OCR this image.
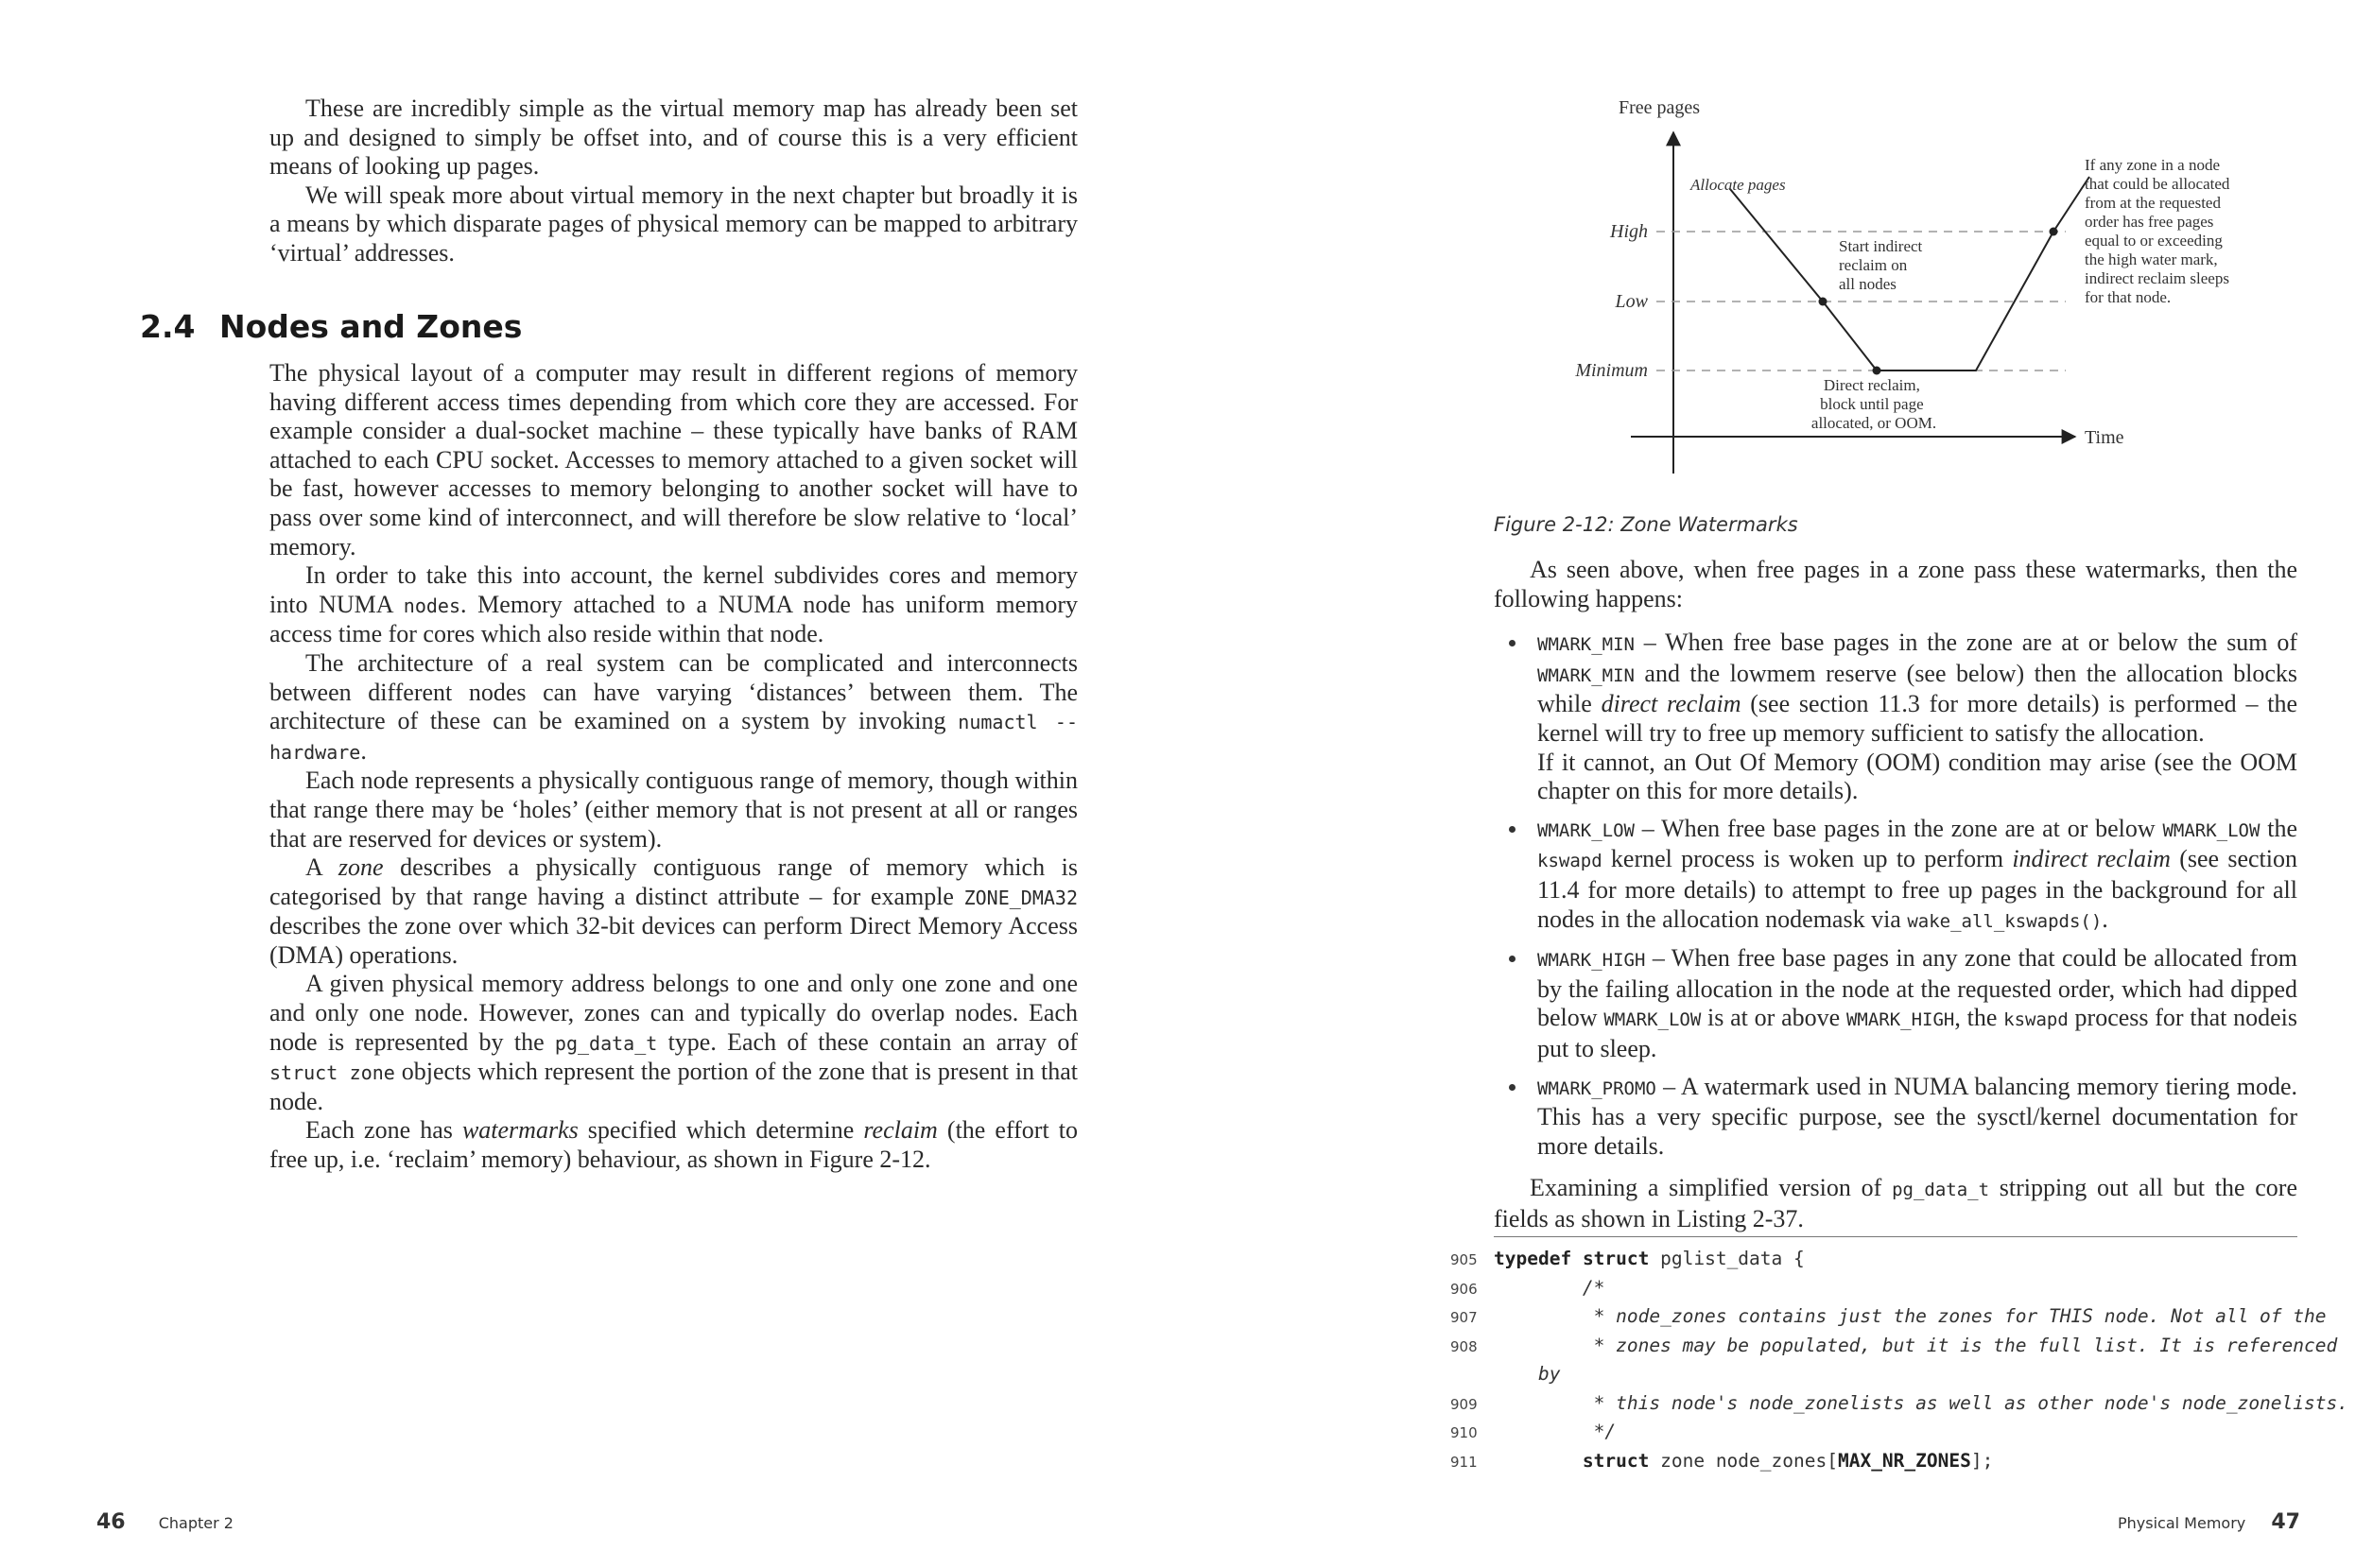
These are incredibly simple as the virtual memory map has already been set up and designed to simply be offset into, and of course this is a very efficient means of looking up pages.

We will speak more about virtual memory in the next chapter but broadly it is a means by which disparate pages of physical memory can be mapped to arbitrary ‘virtual’ addresses.

2.4 Nodes and Zones

The physical layout of a computer may result in different regions of memory having different access times depending from which core they are accessed. For example consider a dual-socket machine – these typically have banks of RAM attached to each CPU socket. Accesses to memory attached to a given socket will be fast, however accesses to memory belonging to another socket will have to pass over some kind of interconnect, and will therefore be slow relative to ‘local’ memory.

In order to take this into account, the kernel subdivides cores and memory into NUMA nodes. Memory attached to a NUMA node has uniform memory access time for cores which also reside within that node.

The architecture of a real system can be complicated and interconnects between different nodes can have varying ‘distances’ between them. The architecture of these can be examined on a system by invoking numactl --hardware.

Each node represents a physically contiguous range of memory, though within that range there may be ‘holes’ (either memory that is not present at all or ranges that are reserved for devices or system).

A zone describes a physically contiguous range of memory which is categorised by that range having a distinct attribute – for example ZONE_DMA32 describes the zone over which 32-bit devices can perform Direct Memory Access (DMA) operations.

A given physical memory address belongs to one and only one zone and one and only one node. However, zones can and typically do overlap nodes. Each node is represented by the pg_data_t type. Each of these contain an array of struct zone objects which represent the portion of the zone that is present in that node.

Each zone has watermarks specified which determine reclaim (the effort to free up, i.e. ‘reclaim’ memory) behaviour, as shown in Figure 2-12.

46 Chapter 2
Free pages
Time
High
Low
Minimum
Allocate pages
Start indirect reclaim on all nodes
Direct reclaim, block until page allocated, or OOM.
If any zone in a node that could be allocated from at the requested order has free pages equal to or exceeding the high water mark, indirect reclaim sleeps for that node.
Figure 2-12: Zone Watermarks

As seen above, when free pages in a zone pass these watermarks, then the following happens:

WMARK_MIN – When free base pages in the zone are at or below the sum of WMARK_MIN and the lowmem reserve (see below) then the allocation blocks while direct reclaim (see section 11.3 for more details) is performed – the kernel will try to free up memory sufficient to satisfy the allocation.
If it cannot, an Out Of Memory (OOM) condition may arise (see the OOM chapter on this for more details).
WMARK_LOW – When free base pages in the zone are at or below WMARK_LOW the kswapd kernel process is woken up to perform indirect reclaim (see section 11.4 for more details) to attempt to free up pages in the background for all nodes in the allocation nodemask via wake_all_kswapds().
WMARK_HIGH – When free base pages in any zone that could be allocated from by the failing allocation in the node at the requested order, which had dipped below WMARK_LOW is at or above WMARK_HIGH, the kswapd process for that nodeis put to sleep.
WMARK_PROMO – A watermark used in NUMA balancing memory tiering mode. This has a very specific purpose, see the sysctl/kernel documentation for more details.

Examining a simplified version of pg_data_t stripping out all but the core fields as shown in Listing 2-37.

905

typedef struct pglist_data {

906

/*

907

* node_zones contains just the zones for THIS node. Not all of the

908

* zones may be populated, but it is the full list. It is referenced

by

909

* this node's node_zonelists as well as other node's node_zonelists.

910

*/

911

	struct zone node_zones[MAX_NR_ZONES];

Physical Memory 47
